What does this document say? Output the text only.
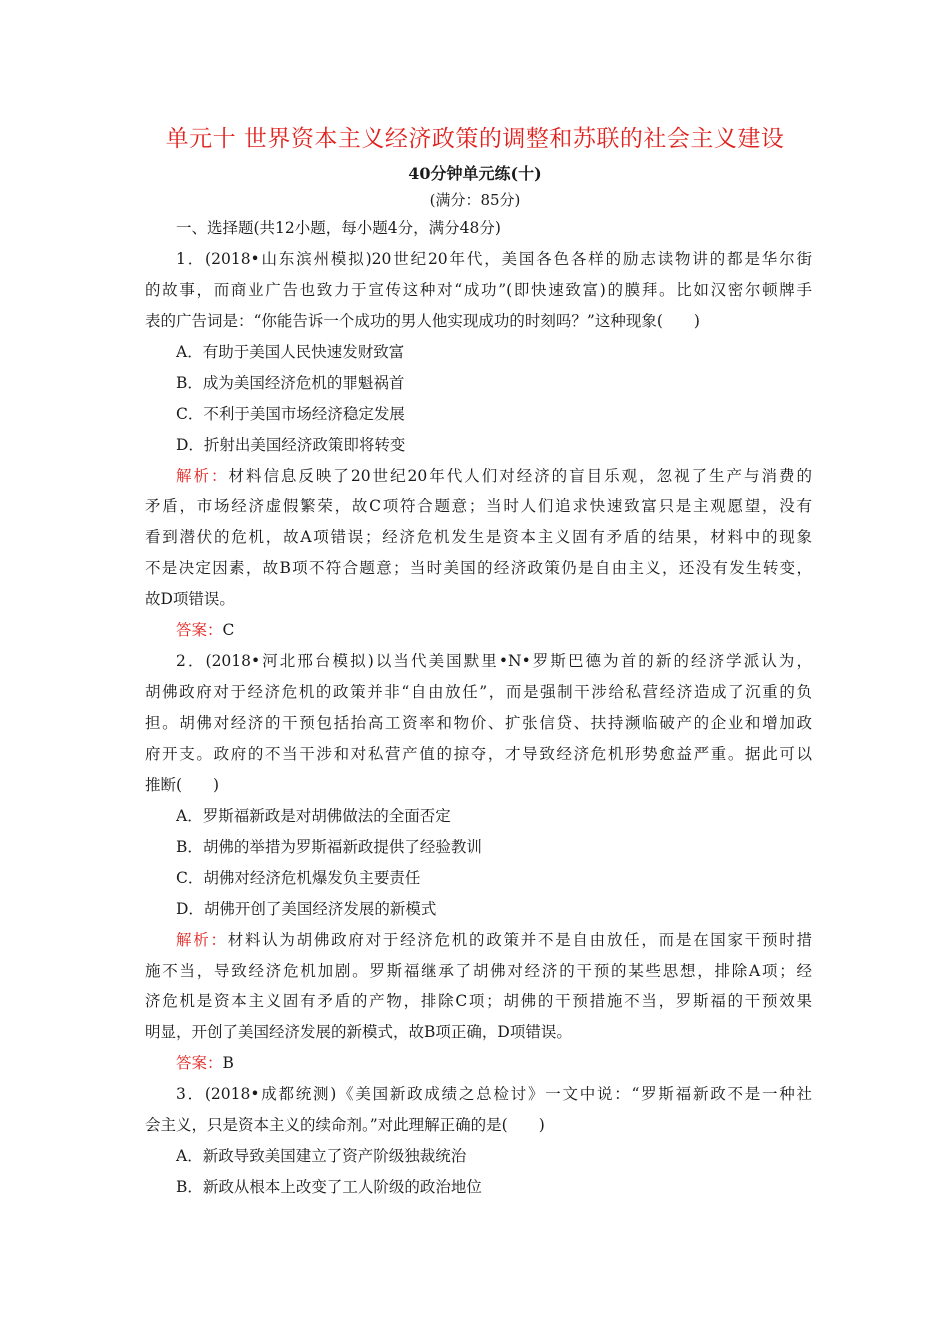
单元十 世界资本主义经济政策的调整和苏联的社会主义建设
40分钟单元练(十)
(满分：85分)
一、选择题(共12小题，每小题4分，满分48分)
1．(2018•山东滨州模拟)20世纪20年代，美国各色各样的励志读物讲的都是华尔街
的故事，而商业广告也致力于宣传这种对“成功”(即快速致富)的膜拜。比如汉密尔顿牌手
表的广告词是：“你能告诉一个成功的男人他实现成功的时刻吗？”这种现象(　　)
A．有助于美国人民快速发财致富
B．成为美国经济危机的罪魁祸首
C．不利于美国市场经济稳定发展
D．折射出美国经济政策即将转变
解析：材料信息反映了20世纪20年代人们对经济的盲目乐观，忽视了生产与消费的
矛盾，市场经济虚假繁荣，故C项符合题意；当时人们追求快速致富只是主观愿望，没有
看到潜伏的危机，故A项错误；经济危机发生是资本主义固有矛盾的结果，材料中的现象
不是决定因素，故B项不符合题意；当时美国的经济政策仍是自由主义，还没有发生转变，
故D项错误。
答案：C
2．(2018•河北邢台模拟)以当代美国默里•N•罗斯巴德为首的新的经济学派认为，
胡佛政府对于经济危机的政策并非“自由放任”，而是强制干涉给私营经济造成了沉重的负
担。胡佛对经济的干预包括抬高工资率和物价、扩张信贷、扶持濒临破产的企业和增加政
府开支。政府的不当干涉和对私营产值的掠夺，才导致经济危机形势愈益严重。据此可以
推断(　　)
A．罗斯福新政是对胡佛做法的全面否定
B．胡佛的举措为罗斯福新政提供了经验教训
C．胡佛对经济危机爆发负主要责任
D．胡佛开创了美国经济发展的新模式
解析：材料认为胡佛政府对于经济危机的政策并不是自由放任，而是在国家干预时措
施不当，导致经济危机加剧。罗斯福继承了胡佛对经济的干预的某些思想，排除A项；经
济危机是资本主义固有矛盾的产物，排除C项；胡佛的干预措施不当，罗斯福的干预效果
明显，开创了美国经济发展的新模式，故B项正确，D项错误。
答案：B
3．(2018•成都统测)《美国新政成绩之总检讨》一文中说：“罗斯福新政不是一种社
会主义，只是资本主义的续命剂。”对此理解正确的是(　　)
A．新政导致美国建立了资产阶级独裁统治
B．新政从根本上改变了工人阶级的政治地位
